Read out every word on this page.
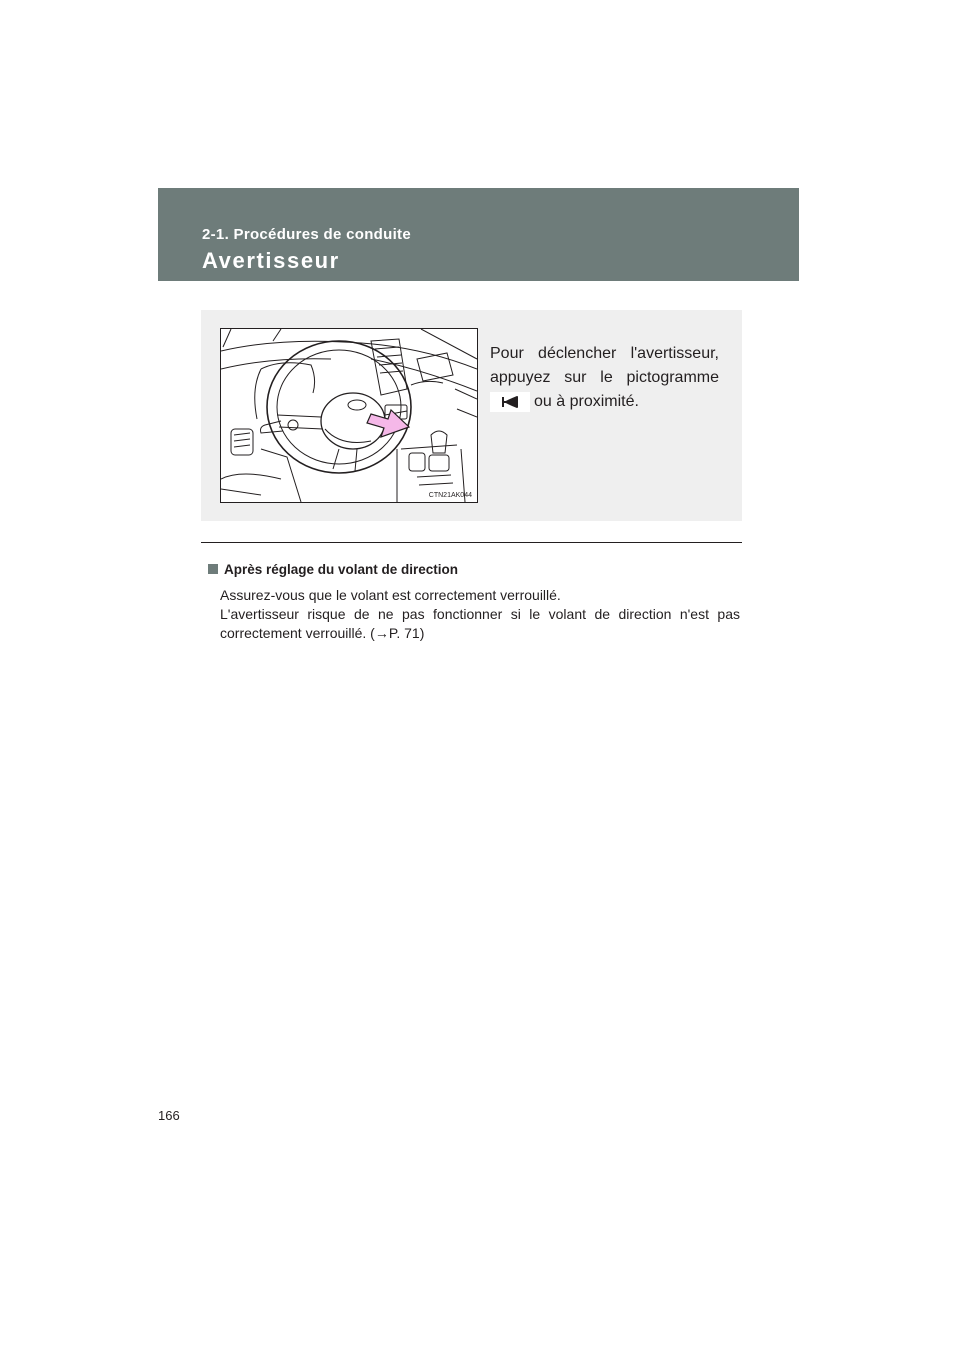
2-1. Procédures de conduite
Avertisseur
CTN21AK044
Pour déclencher l'avertisseur,
appuyez sur le pictogramme
ou à proximité.
Après réglage du volant de direction

Assurez-vous que le volant est correctement verrouillé.

L'avertisseur risque de ne pas fonctionner si le volant de direction n'est pas

correctement verrouillé. (→P. 71)

166
